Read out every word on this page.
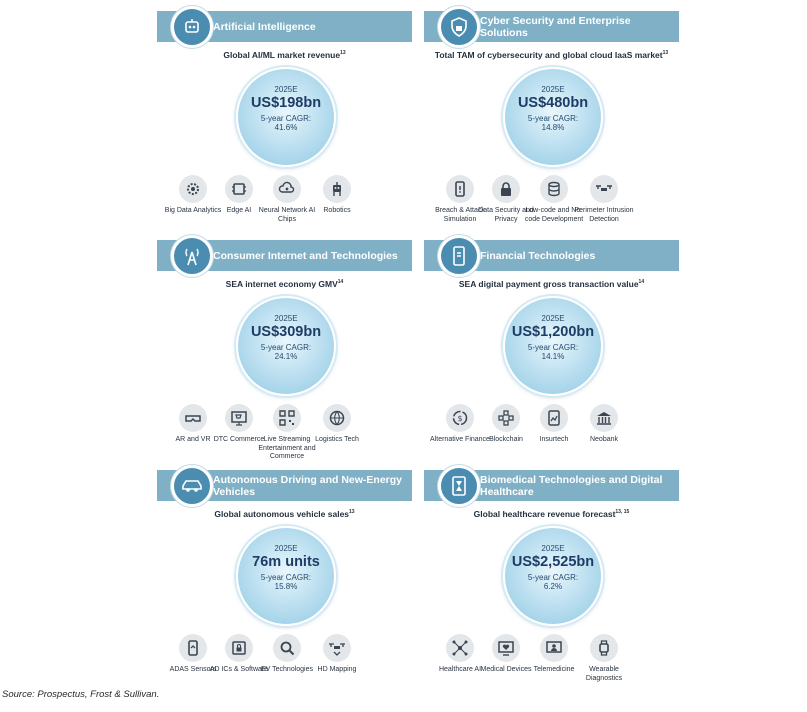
Artificial Intelligence
Global AI/ML market revenue$^{13}$
2025E
US$198bn
5-year CAGR:
41.6%
Big Data Analytics Edge AI	Neural Network AI Chips
Robotics
Cyber Security and Enterprise Solutions
Total TAM of cybersecurity and global cloud IaaS market$^{13}$
2025E
US$480bn
5-year CAGR:
14.8%
Breach & Attack Simulation
Data Security and Privacy
Low-code and No-code Development
Perimeter Intrusion Detection
Consumer Internet and Technologies
SEA internet economy GMV$^{14}$
2025E
US$309bn
5-year CAGR:
24.1%
AR and VR DTC Commerce Live Streaming Entertainment and Commerce
Logistics Tech
Financial Technologies
SEA digital payment gross transaction value$^{14}$
2025E
US$1,200bn
5-year CAGR:
14.1%
$
Alternative Finance Blockchain	Insurtech	Neobank
Autonomous Driving and New-Energy Vehicles
Global autonomous vehicle sales$^{13}$
2025E
76m units
5-year CAGR:
15.8%
ADAS Sensors
AD ICs & Software
EV Technologies HD Mapping
Biomedical Technologies and Digital Healthcare
Global healthcare revenue forecast$^{13, 15}$
2025E
US$2,525bn
5-year CAGR:
6.2%
Healthcare AI Medical Devices Telemedicine	Wearable Diagnostics
Source: Prospectus, Frost & Sullivan.
